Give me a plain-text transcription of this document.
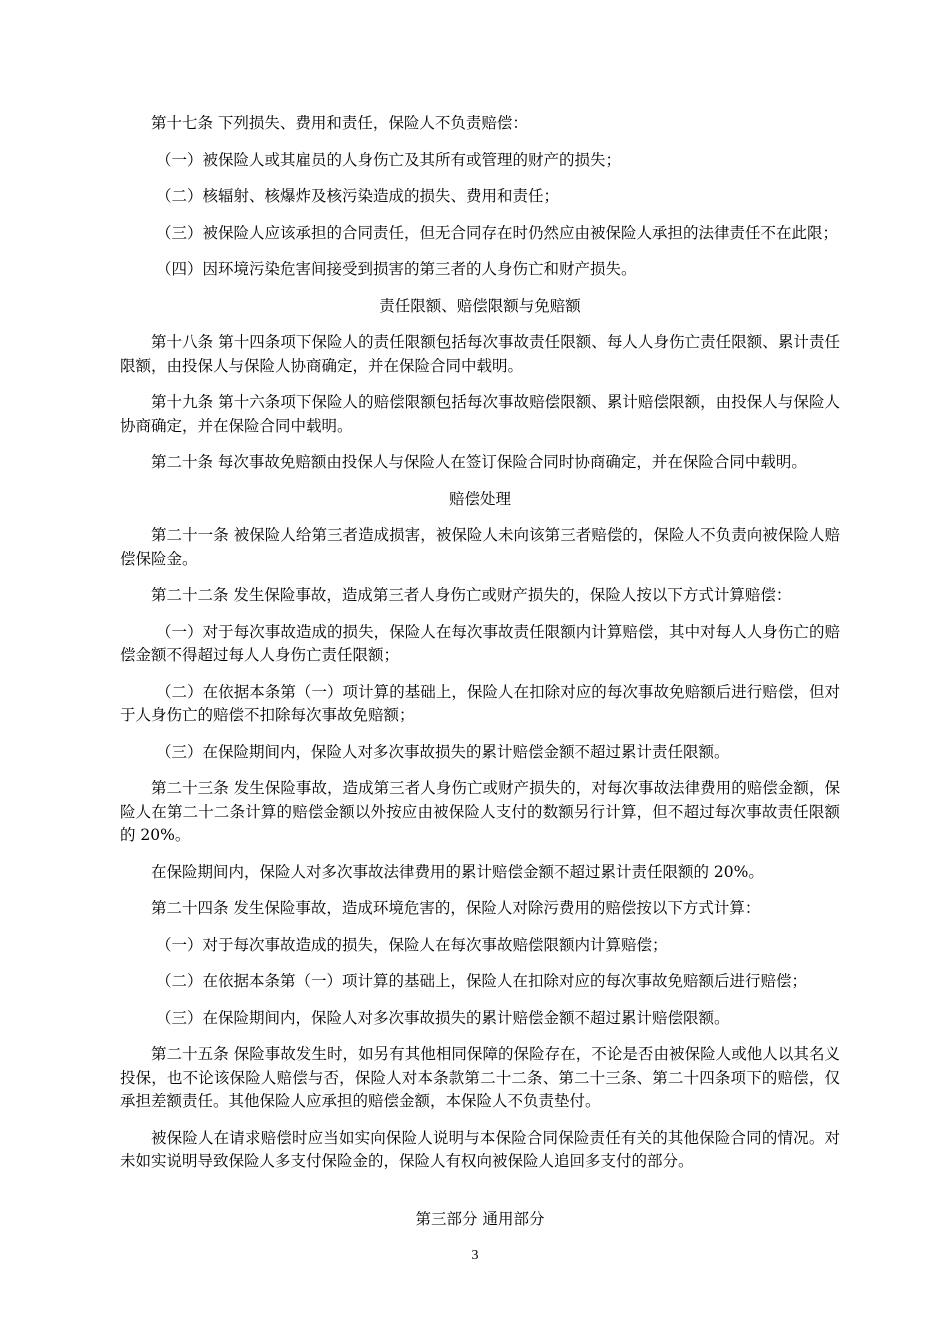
第十七条 下列损失、费用和责任，保险人不负责赔偿：

（一）被保险人或其雇员的人身伤亡及其所有或管理的财产的损失；

（二）核辐射、核爆炸及核污染造成的损失、费用和责任；

（三）被保险人应该承担的合同责任，但无合同存在时仍然应由被保险人承担的法律责任不在此限；

（四）因环境污染危害间接受到损害的第三者的人身伤亡和财产损失。

责任限额、赔偿限额与免赔额

第十八条 第十四条项下保险人的责任限额包括每次事故责任限额、每人人身伤亡责任限额、累计责任限额，由投保人与保险人协商确定，并在保险合同中载明。

第十九条 第十六条项下保险人的赔偿限额包括每次事故赔偿限额、累计赔偿限额，由投保人与保险人协商确定，并在保险合同中载明。

第二十条 每次事故免赔额由投保人与保险人在签订保险合同时协商确定，并在保险合同中载明。

赔偿处理

第二十一条 被保险人给第三者造成损害，被保险人未向该第三者赔偿的，保险人不负责向被保险人赔偿保险金。

第二十二条 发生保险事故，造成第三者人身伤亡或财产损失的，保险人按以下方式计算赔偿：

（一）对于每次事故造成的损失，保险人在每次事故责任限额内计算赔偿，其中对每人人身伤亡的赔偿金额不得超过每人人身伤亡责任限额；

（二）在依据本条第（一）项计算的基础上，保险人在扣除对应的每次事故免赔额后进行赔偿，但对于人身伤亡的赔偿不扣除每次事故免赔额；

（三）在保险期间内，保险人对多次事故损失的累计赔偿金额不超过累计责任限额。

第二十三条 发生保险事故，造成第三者人身伤亡或财产损失的，对每次事故法律费用的赔偿金额，保险人在第二十二条计算的赔偿金额以外按应由被保险人支付的数额另行计算，但不超过每次事故责任限额的 20%。

在保险期间内，保险人对多次事故法律费用的累计赔偿金额不超过累计责任限额的 20%。

第二十四条 发生保险事故，造成环境危害的，保险人对除污费用的赔偿按以下方式计算：

（一）对于每次事故造成的损失，保险人在每次事故赔偿限额内计算赔偿；

（二）在依据本条第（一）项计算的基础上，保险人在扣除对应的每次事故免赔额后进行赔偿；

（三）在保险期间内，保险人对多次事故损失的累计赔偿金额不超过累计赔偿限额。

第二十五条 保险事故发生时，如另有其他相同保障的保险存在，不论是否由被保险人或他人以其名义投保，也不论该保险人赔偿与否，保险人对本条款第二十二条、第二十三条、第二十四条项下的赔偿，仅承担差额责任。其他保险人应承担的赔偿金额，本保险人不负责垫付。

被保险人在请求赔偿时应当如实向保险人说明与本保险合同保险责任有关的其他保险合同的情况。对未如实说明导致保险人多支付保险金的，保险人有权向被保险人追回多支付的部分。

第三部分 通用部分

3
